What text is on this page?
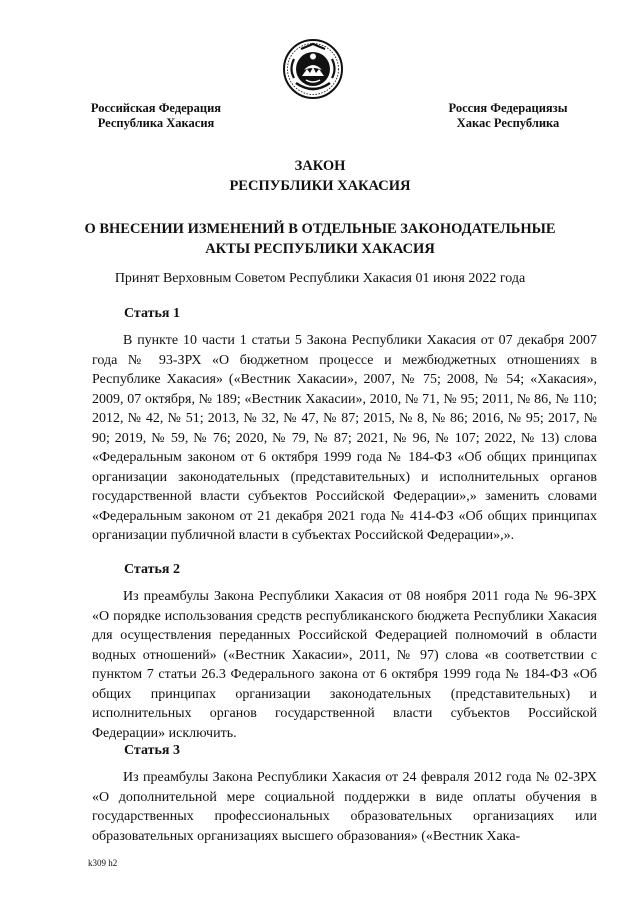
Российская Федерация
Республика Хакасия
Россия Федерациязы
Хакас Республика
ЗАКОН
РЕСПУБЛИКИ ХАКАСИЯ
О ВНЕСЕНИИ ИЗМЕНЕНИЙ В ОТДЕЛЬНЫЕ ЗАКОНОДАТЕЛЬНЫЕ
АКТЫ РЕСПУБЛИКИ ХАКАСИЯ
Принят Верховным Советом Республики Хакасия 01 июня 2022 года
Статья 1

В пункте 10 части 1 статьи 5 Закона Республики Хакасия от 07 декабря 2007 года № 93-ЗРХ «О бюджетном процессе и межбюджетных отношениях в Республике Хакасия» («Вестник Хакасии», 2007, № 75; 2008, № 54; «Хакасия», 2009, 07 октября, № 189; «Вестник Хакасии», 2010, № 71, № 95; 2011, № 86, № 110; 2012, № 42, № 51; 2013, № 32, № 47, № 87; 2015, № 8, № 86; 2016, № 95; 2017, № 90; 2019, № 59, № 76; 2020, № 79, № 87; 2021, № 96, № 107; 2022, № 13) слова «Федеральным законом от 6 октября 1999 года № 184-ФЗ «Об общих принципах организации законодательных (представительных) и исполнительных органов государственной власти субъектов Российской Федерации»,» заменить словами «Федеральным законом от 21 декабря 2021 года № 414-ФЗ «Об общих принципах организации публичной власти в субъектах Российской Федерации»,».

Статья 2

Из преамбулы Закона Республики Хакасия от 08 ноября 2011 года № 96-ЗРХ «О порядке использования средств республиканского бюджета Республики Хакасия для осуществления переданных Российской Федерацией полномочий в области водных отношений» («Вестник Хакасии», 2011, № 97) слова «в соответствии с пунктом 7 статьи 26.3 Федерального закона от 6 октября 1999 года № 184-ФЗ «Об общих принципах организации законодательных (представительных) и исполнительных органов государственной власти субъектов Российской Федерации» исключить.

Статья 3

Из преамбулы Закона Республики Хакасия от 24 февраля 2012 года № 02-ЗРХ «О дополнительной мере социальной поддержки в виде оплаты обучения в государственных профессиональных образовательных организациях или образовательных организациях высшего образования» («Вестник Хака-

k309 h2
